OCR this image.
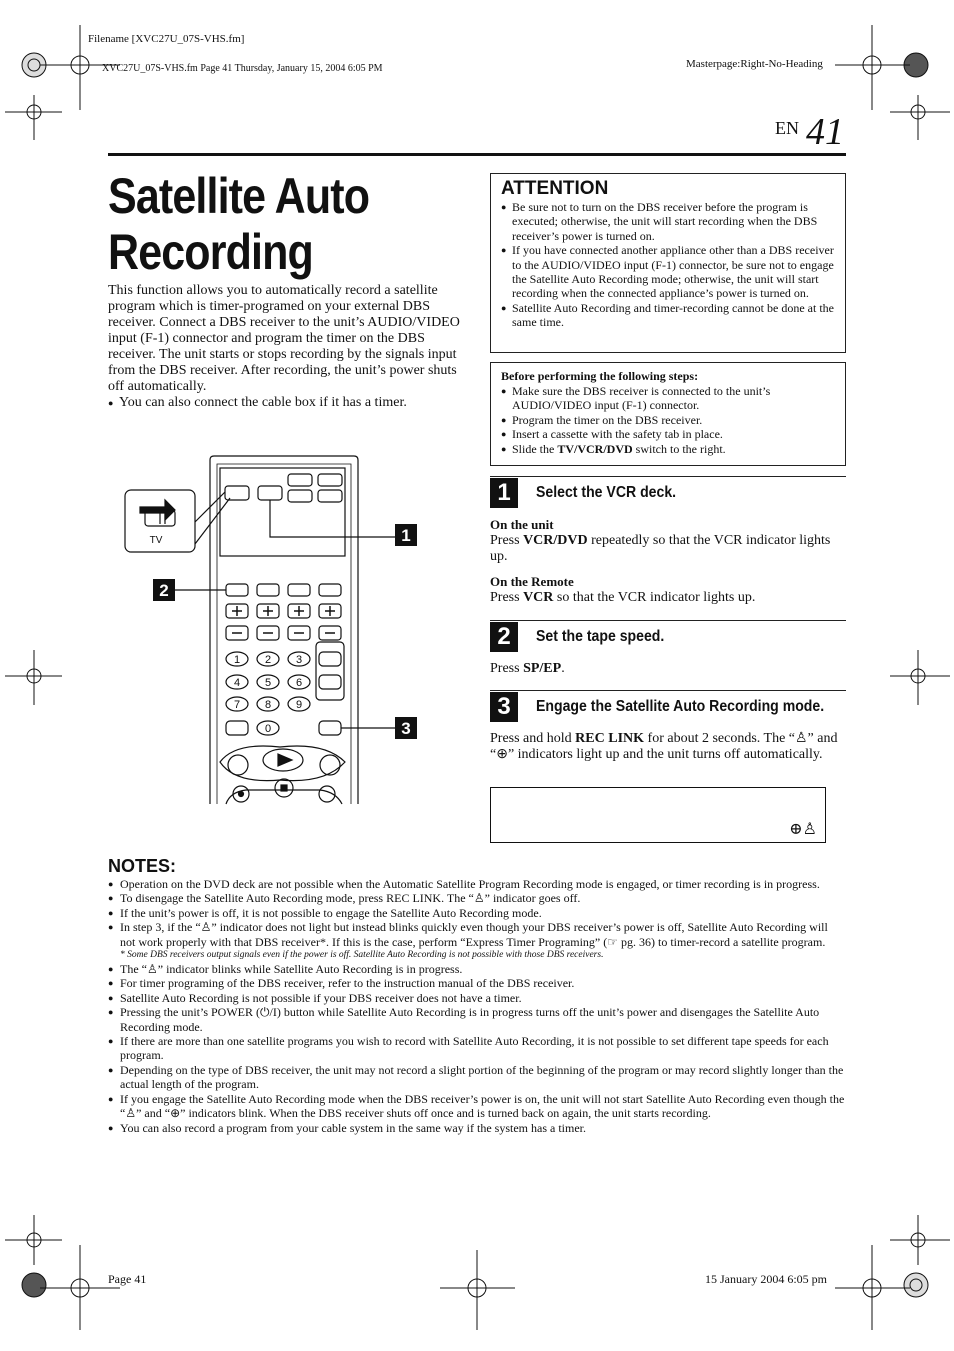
Filename [XVC27U_07S-VHS.fm]
XVC27U_07S-VHS.fm Page 41 Thursday, January 15, 2004 6:05 PM	Masterpage:Right-No-Heading
EN 41
Satellite Auto
Recording
This function allows you to automatically record a satellite program which is timer-programed on your external DBS receiver. Connect a DBS receiver to the unit’s AUDIO/VIDEO input (F-1) connector and program the timer on the DBS receiver. The unit starts or stops recording by the signals input from the DBS receiver. After recording, the unit’s power shuts off automatically.
● You can also connect the cable box if it has a timer.
ATTENTION
● Be sure not to turn on the DBS receiver before the program is executed; otherwise, the unit will start recording when the DBS receiver’s power is turned on.
● If you have connected another appliance other than a DBS receiver to the AUDIO/VIDEO input (F-1) connector, be sure not to engage the Satellite Auto Recording mode; otherwise, the unit will start recording when the connected appliance’s power is turned on.
● Satellite Auto Recording and timer-recording cannot be done at the same time.
Before performing the following steps:
● Make sure the DBS receiver is connected to the unit’s AUDIO/VIDEO input (F-1) connector.
● Program the timer on the DBS receiver.
● Insert a cassette with the safety tab in place.
● Slide the TV/VCR/DVD switch to the right.
1 2 3
4 5 6
7 8 9
0
TV	1
2
3
1	Select the VCR deck.
On the unit
Press VCR/DVD repeatedly so that the VCR indicator lights up.
On the Remote
Press VCR so that the VCR indicator lights up.
2	Set the tape speed.
Press SP/EP.
3	Engage the Satellite Auto Recording mode.
Press and hold REC LINK for about 2 seconds. The “♙” and “⊕” indicators light up and the unit turns off automatically.
⊕♙
NOTES:
● Operation on the DVD deck are not possible when the Automatic Satellite Program Recording mode is engaged, or timer recording is in progress.
● To disengage the Satellite Auto Recording mode, press REC LINK. The “♙” indicator goes off.
● If the unit’s power is off, it is not possible to engage the Satellite Auto Recording mode.
● In step 3, if the “♙” indicator does not light but instead blinks quickly even though your DBS receiver’s power is off, Satellite Auto Recording will not work properly with that DBS receiver*. If this is the case, perform “Express Timer Programing” (☞ pg. 36) to timer-record a satellite program.
* Some DBS receivers output signals even if the power is off. Satellite Auto Recording is not possible with those DBS receivers.
● The “♙” indicator blinks while Satellite Auto Recording is in progress.
● For timer programing of the DBS receiver, refer to the instruction manual of the DBS receiver.
● Satellite Auto Recording is not possible if your DBS receiver does not have a timer.
● Pressing the unit’s POWER (⏻/I) button while Satellite Auto Recording is in progress turns off the unit’s power and disengages the Satellite Auto Recording mode.
● If there are more than one satellite programs you wish to record with Satellite Auto Recording, it is not possible to set different tape speeds for each program.
● Depending on the type of DBS receiver, the unit may not record a slight portion of the beginning of the program or may record slightly longer than the actual length of the program.
● If you engage the Satellite Auto Recording mode when the DBS receiver’s power is on, the unit will not start Satellite Auto Recording even though the “♙” and “⊕” indicators blink. When the DBS receiver shuts off once and is turned back on again, the unit starts recording.
● You can also record a program from your cable system in the same way if the system has a timer.
Page 41	15 January 2004 6:05 pm
